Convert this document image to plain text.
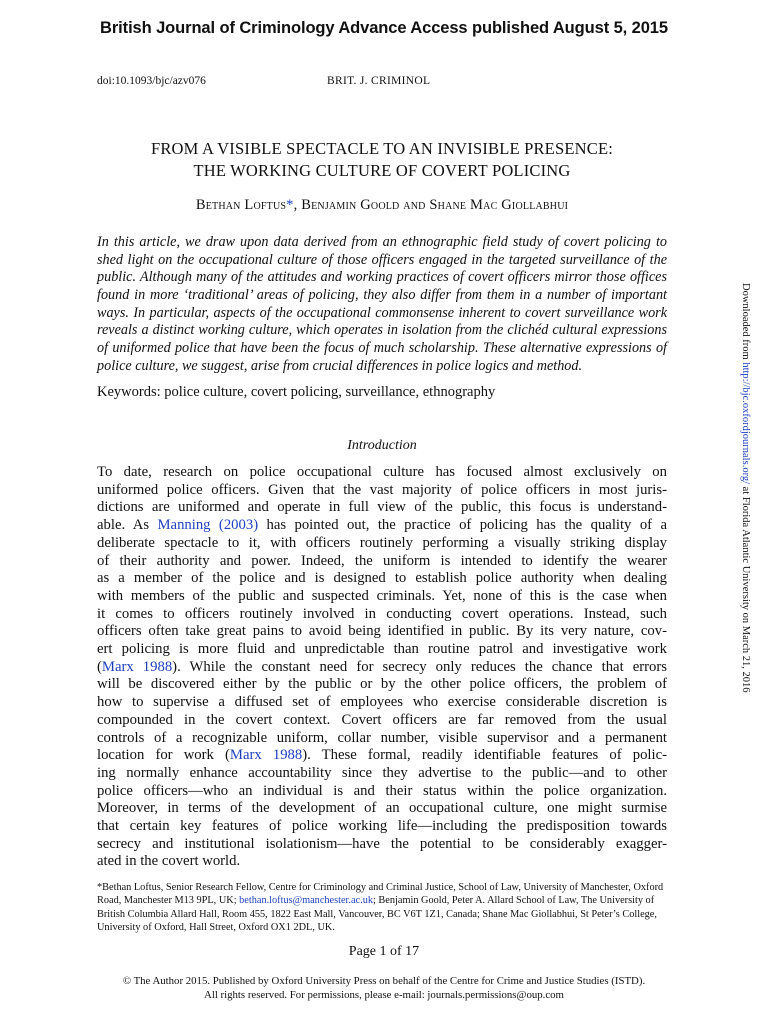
British Journal of Criminology Advance Access published August 5, 2015
doi:10.1093/bjc/azv076	BRIT. J. CRIMINOL
FROM A VISIBLE SPECTACLE TO AN INVISIBLE PRESENCE:
THE WORKING CULTURE OF COVERT POLICING
Bethan Loftus*, Benjamin Goold and Shane Mac Giollabhui
In this article, we draw upon data derived from an ethnographic field study of covert policing to shed light on the occupational culture of those officers engaged in the targeted surveillance of the public. Although many of the attitudes and working practices of covert officers mirror those offices found in more ‘traditional’ areas of policing, they also differ from them in a number of important ways. In particular, aspects of the occupational commonsense inherent to covert surveillance work reveals a distinct working culture, which operates in isolation from the clichéd cultural expressions of uniformed police that have been the focus of much scholarship. These alternative expressions of police culture, we suggest, arise from crucial differences in police logics and method.
Keywords: police culture, covert policing, surveillance, ethnography
Introduction
To date, research on police occupational culture has focused almost exclusively on
uniformed police officers. Given that the vast majority of police officers in most juris-
dictions are uniformed and operate in full view of the public, this focus is understand-
able. As Manning (2003) has pointed out, the practice of policing has the quality of a
deliberate spectacle to it, with officers routinely performing a visually striking display
of their authority and power. Indeed, the uniform is intended to identify the wearer
as a member of the police and is designed to establish police authority when dealing
with members of the public and suspected criminals. Yet, none of this is the case when
it comes to officers routinely involved in conducting covert operations. Instead, such
officers often take great pains to avoid being identified in public. By its very nature, cov-
ert policing is more fluid and unpredictable than routine patrol and investigative work
(Marx 1988). While the constant need for secrecy only reduces the chance that errors
will be discovered either by the public or by the other police officers, the problem of
how to supervise a diffused set of employees who exercise considerable discretion is
compounded in the covert context. Covert officers are far removed from the usual
controls of a recognizable uniform, collar number, visible supervisor and a permanent
location for work (Marx 1988). These formal, readily identifiable features of polic-
ing normally enhance accountability since they advertise to the public—and to other
police officers—who an individual is and their status within the police organization.
Moreover, in terms of the development of an occupational culture, one might surmise
that certain key features of police working life—including the predisposition towards
secrecy and institutional isolationism—have the potential to be considerably exagger-
ated in the covert world.
*Bethan Loftus, Senior Research Fellow, Centre for Criminology and Criminal Justice, School of Law, University of Manchester, Oxford Road, Manchester M13 9PL, UK; bethan.loftus@manchester.ac.uk; Benjamin Goold, Peter A. Allard School of Law, The University of British Columbia Allard Hall, Room 455, 1822 East Mall, Vancouver, BC V6T 1Z1, Canada; Shane Mac Giollabhui, St Peter’s College, University of Oxford, Hall Street, Oxford OX1 2DL, UK.
Page 1 of 17
© The Author 2015. Published by Oxford University Press on behalf of the Centre for Crime and Justice Studies (ISTD).
All rights reserved. For permissions, please e-mail: journals.permissions@oup.com
Downloaded from http://bjc.oxfordjournals.org/ at Florida Atlantic University on March 21, 2016
